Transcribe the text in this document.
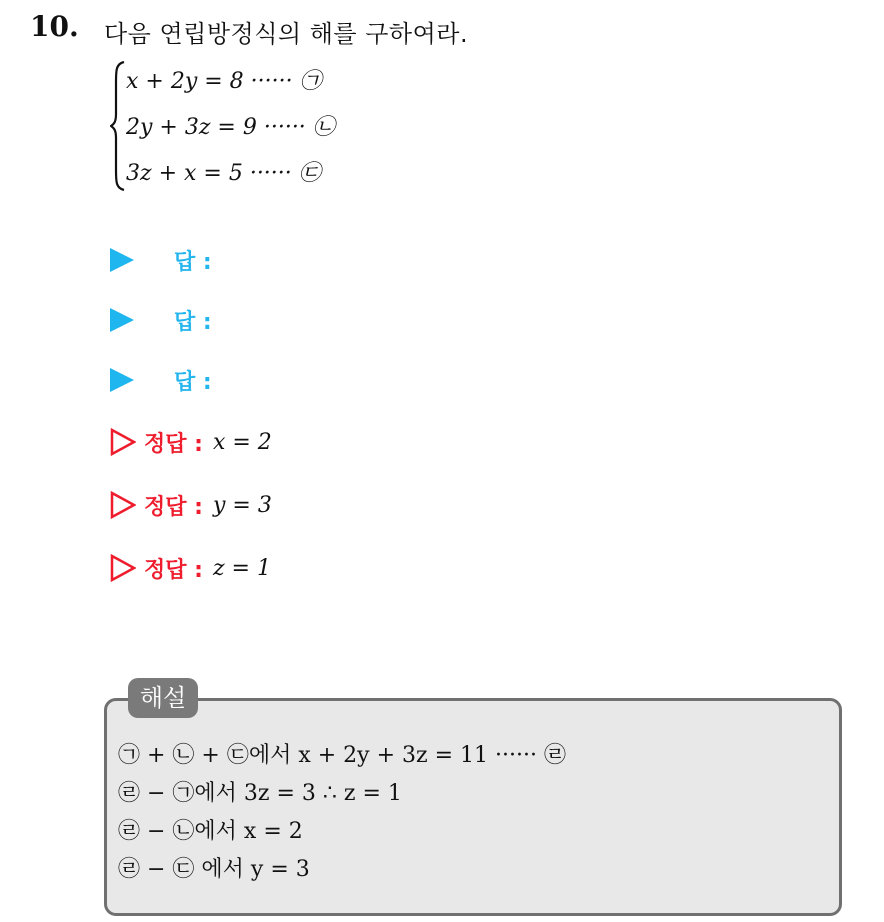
10. 다음 연립방정식의 해를 구하여라.
x + 2y = 8 ······ ㉠
2y + 3z = 9 ······ ㉡
3z + x = 5 ······ ㉢
답 :
답 :
답 :
정답 : x = 2
정답 : y = 3
정답 : z = 1
해설
㉠ + ㉡ + ㉢에서 x + 2y + 3z = 11 ······ ㉣
㉣ − ㉠에서 3z = 3 ∴ z = 1
㉣ − ㉡에서 x = 2
㉣ − ㉢ 에서 y = 3
